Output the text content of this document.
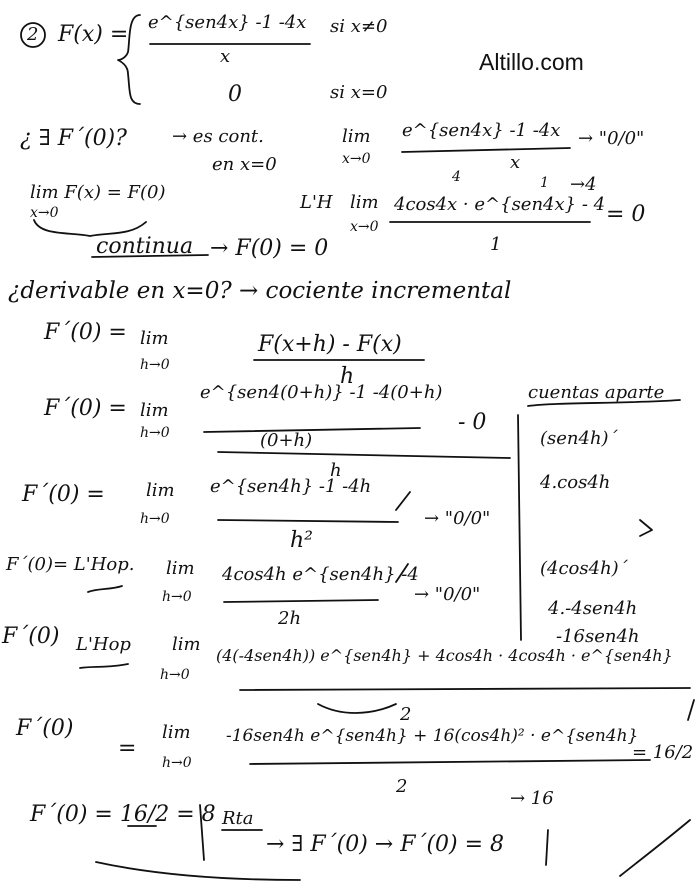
Altillo.com
2 F(x) = e^{sen4x} -1 -4x
x
si x≠0
0	si x=0
¿ ∃ F´(0)?	→ es cont.
en x=0
lim
x→0
e^{sen4x} -1 -4x
x
→ "0/0"
lim F(x) = F(0)
x→0	L'H lim
x→0
4	1
4cos4x · e^{sen4x} - 4
→4
= 0
1
continua → F(0) = 0
¿derivable en x=0? → cociente incremental
F´(0) = lim
h→0
F(x+h) - F(x)
h
F´(0) = lim
h→0
e^{sen4(0+h)} -1 -4(0+h)
(0+h)
- 0
h
cuentas aparte
(sen4h)´
4.cos4h
(4cos4h)´
4.-4sen4h
-16sen4h
F´(0) = lim
h→0
e^{sen4h} -1 -4h
h²
→ "0/0"
F´(0)= L'Hop. lim
h→0
4cos4h e^{sen4h} -4
2h
→ "0/0"
F´(0) L'Hop lim
h→0
(4(-4sen4h)) e^{sen4h} + 4cos4h · 4cos4h · e^{sen4h}
2
F´(0)
=
lim
h→0
-16sen4h e^{sen4h} + 16(cos4h)² · e^{sen4h}
2
= 16/2
→ 16
F´(0) = 16/2 = 8 Rta
→ ∃ F´(0) → F´(0) = 8
